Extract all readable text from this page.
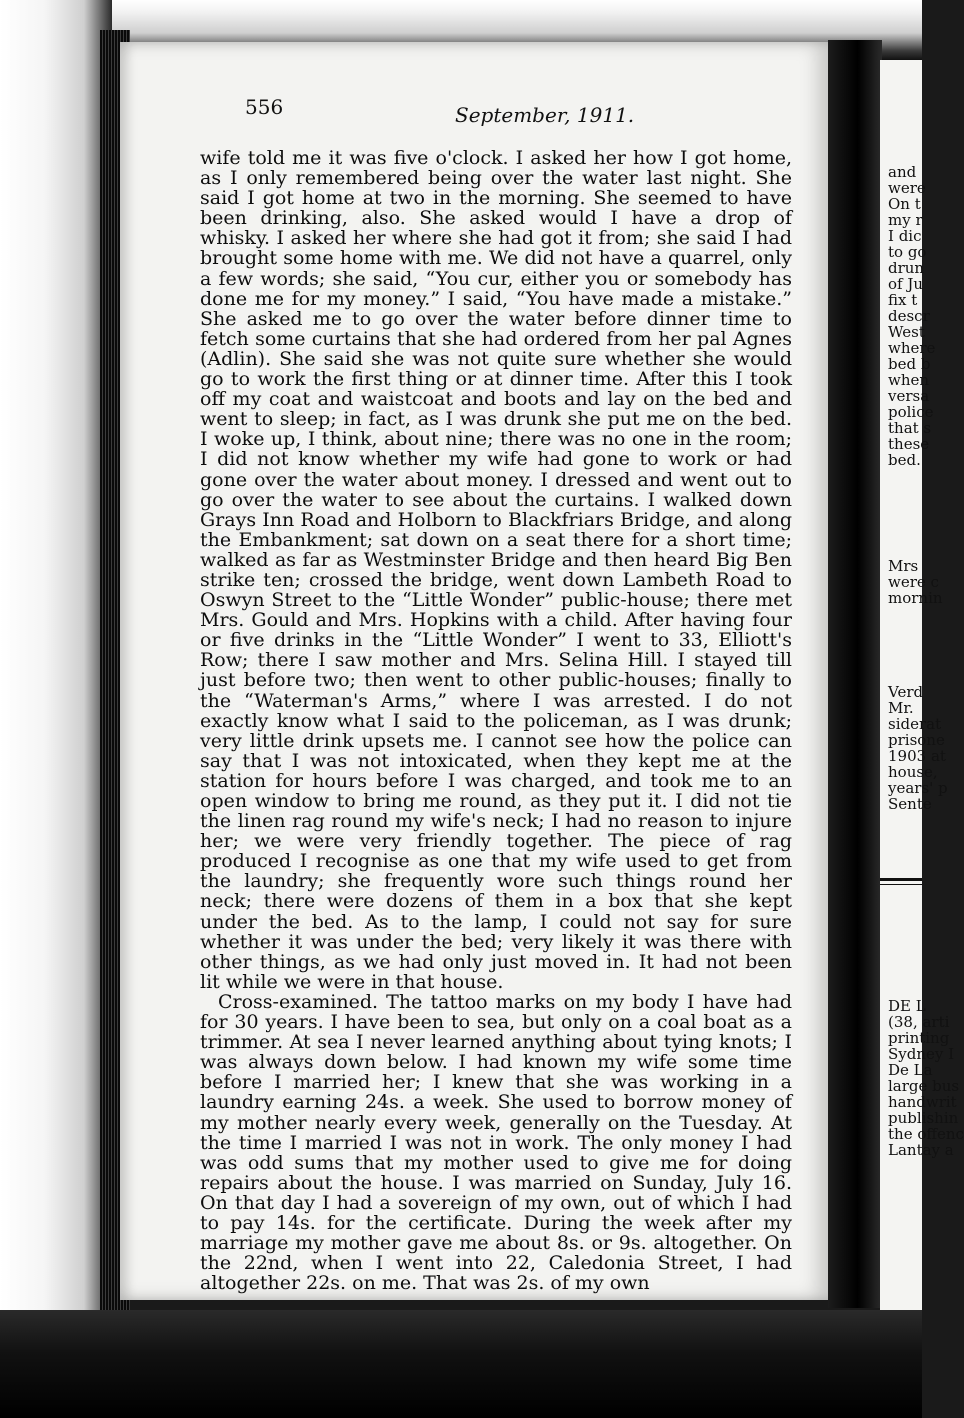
556	September, 1911.

wife told me it was five o'clock. I asked her how I got home, as I only remembered being over the water last night. She said I got home at two in the morning. She seemed to have been drinking, also. She asked would I have a drop of whisky. I asked her where she had got it from; she said I had brought some home with me. We did not have a quarrel, only a few words; she said, “You cur, either you or somebody has done me for my money.” I said, “You have made a mistake.” She asked me to go over the water before dinner time to fetch some curtains that she had ordered from her pal Agnes (Adlin). She said she was not quite sure whether she would go to work the first thing or at dinner time. After this I took off my coat and waistcoat and boots and lay on the bed and went to sleep; in fact, as I was drunk she put me on the bed. I woke up, I think, about nine; there was no one in the room; I did not know whether my wife had gone to work or had gone over the water about money. I dressed and went out to go over the water to see about the curtains. I walked down Grays Inn Road and Holborn to Blackfriars Bridge, and along the Embankment; sat down on a seat there for a short time; walked as far as Westminster Bridge and then heard Big Ben strike ten; crossed the bridge, went down Lambeth Road to Oswyn Street to the “Little Wonder” public-house; there met Mrs. Gould and Mrs. Hopkins with a child. After having four or five drinks in the “Little Wonder” I went to 33, Elliott's Row; there I saw mother and Mrs. Selina Hill. I stayed till just before two; then went to other public-houses; finally to the “Waterman's Arms,” where I was arrested. I do not exactly know what I said to the policeman, as I was drunk; very little drink upsets me. I cannot see how the police can say that I was not intoxicated, when they kept me at the station for hours before I was charged, and took me to an open window to bring me round, as they put it. I did not tie the linen rag round my wife's neck; I had no reason to injure her; we were very friendly together. The piece of rag produced I recognise as one that my wife used to get from the laundry; she frequently wore such things round her neck; there were dozens of them in a box that she kept under the bed. As to the lamp, I could not say for sure whether it was under the bed; very likely it was there with other things, as we had only just moved in. It had not been lit while we were in that house.

Cross-examined. The tattoo marks on my body I have had for 30 years. I have been to sea, but only on a coal boat as a trimmer. At sea I never learned anything about tying knots; I was always down below. I had known my wife some time before I married her; I knew that she was working in a laundry earning 24s. a week. She used to borrow money of my mother nearly every week, generally on the Tuesday. At the time I married I was not in work. The only money I had was odd sums that my mother used to give me for doing repairs about the house. I was married on Sunday, July 16. On that day I had a sovereign of my own, out of which I had to pay 14s. for the certificate. During the week after my marriage my mother gave me about 8s. or 9s. altogether. On the 22nd, when I went into 22, Caledonia Street, I had altogether 22s. on me. That was 2s. of my own

and
were
On t
my r
I dic
to go
drun
of Ju
fix t
descr
West
where
bed b
when
versa
police
that s
these
bed.
Mrs
were c
mornin
Verd
Mr.
siderat
prisone
1903 at
house,
years' p
Sente
DE L
(38, arti
printing
Sydney I
De La
large bus
handwrit
publishin
the offenc
Lantay a
